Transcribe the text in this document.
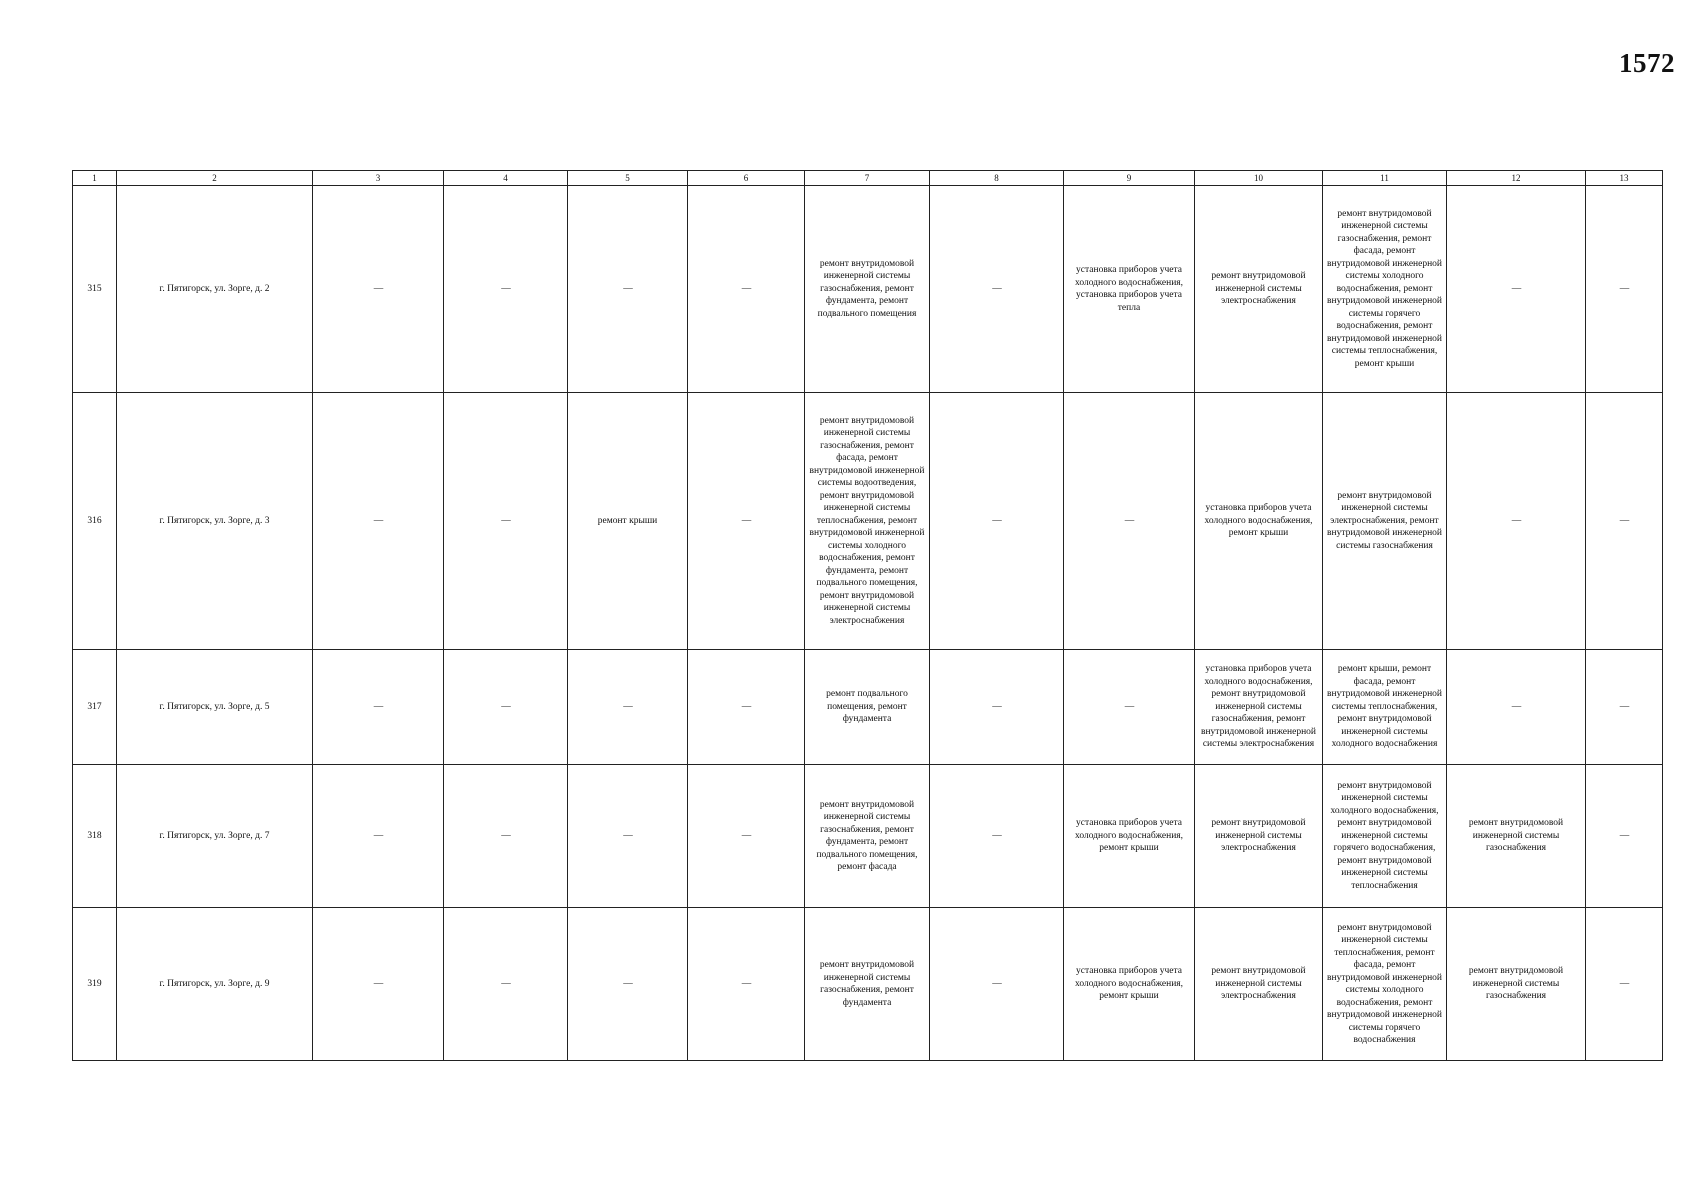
1572
1	2	3	4	5	6	7	8	9	10	11	12	13
315	г. Пятигорск, ул. Зорге, д. 2	—	—	—	—	ремонт внутридомовой инженерной системы газоснабжения, ремонт фундамента, ремонт подвального помещения	—	установка приборов учета холодного водоснабжения, установка приборов учета тепла	ремонт внутридомовой инженерной системы электроснабжения	ремонт внутридомовой инженерной системы газоснабжения, ремонт фасада, ремонт внутридомовой инженерной системы холодного водоснабжения, ремонт внутридомовой инженерной системы горячего водоснабжения, ремонт внутридомовой инженерной системы теплоснабжения, ремонт крыши	—	—
316	г. Пятигорск, ул. Зорге, д. 3	—	—	ремонт крыши	—	ремонт внутридомовой инженерной системы газоснабжения, ремонт фасада, ремонт внутридомовой инженерной системы водоотведения, ремонт внутридомовой инженерной системы теплоснабжения, ремонт внутридомовой инженерной системы холодного водоснабжения, ремонт фундамента, ремонт подвального помещения, ремонт внутридомовой инженерной системы электроснабжения	—	—	установка приборов учета холодного водоснабжения, ремонт крыши	ремонт внутридомовой инженерной системы электроснабжения, ремонт внутридомовой инженерной системы газоснабжения	—	—
317	г. Пятигорск, ул. Зорге, д. 5	—	—	—	—	ремонт подвального помещения, ремонт фундамента	—	—	установка приборов учета холодного водоснабжения, ремонт внутридомовой инженерной системы газоснабжения, ремонт внутридомовой инженерной системы электроснабжения	ремонт крыши, ремонт фасада, ремонт внутридомовой инженерной системы теплоснабжения, ремонт внутридомовой инженерной системы холодного водоснабжения	—	—
318	г. Пятигорск, ул. Зорге, д. 7	—	—	—	—	ремонт внутридомовой инженерной системы газоснабжения, ремонт фундамента, ремонт подвального помещения, ремонт фасада	—	установка приборов учета холодного водоснабжения, ремонт крыши	ремонт внутридомовой инженерной системы электроснабжения	ремонт внутридомовой инженерной системы холодного водоснабжения, ремонт внутридомовой инженерной системы горячего водоснабжения, ремонт внутридомовой инженерной системы теплоснабжения	ремонт внутридомовой инженерной системы газоснабжения	—
319	г. Пятигорск, ул. Зорге, д. 9	—	—	—	—	ремонт внутридомовой инженерной системы газоснабжения, ремонт фундамента	—	установка приборов учета холодного водоснабжения, ремонт крыши	ремонт внутридомовой инженерной системы электроснабжения	ремонт внутридомовой инженерной системы теплоснабжения, ремонт фасада, ремонт внутридомовой инженерной системы холодного водоснабжения, ремонт внутридомовой инженерной системы горячего водоснабжения	ремонт внутридомовой инженерной системы газоснабжения	—
